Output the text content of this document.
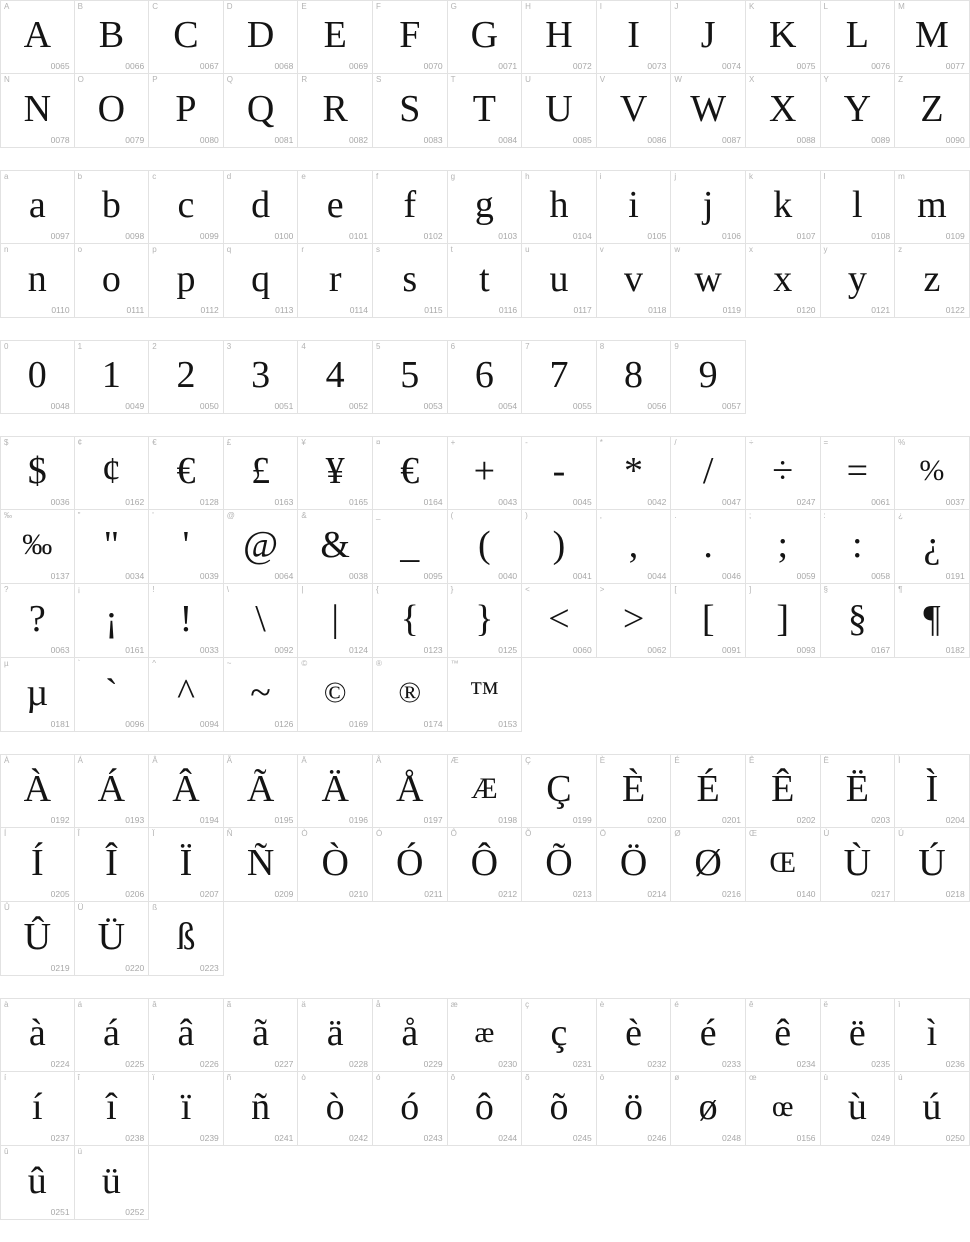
A
A
0065
B
B
0066
C
C
0067
D
D
0068
E
E
0069
F
F
0070
G
G
0071
H
H
0072
I
I
0073
J
J
0074
K
K
0075
L
L
0076
M
M
0077
N
N
0078
O
O
0079
P
P
0080
Q
Q
0081
R
R
0082
S
S
0083
T
T
0084
U
U
0085
V
V
0086
W
W
0087
X
X
0088
Y
Y
0089
Z
Z
0090
a
a
0097
b
b
0098
c
c
0099
d
d
0100
e
e
0101
f
f
0102
g
g
0103
h
h
0104
i
i
0105
j
j
0106
k
k
0107
l
l
0108
m
m
0109
n
n
0110
o
o
0111
p
p
0112
q
q
0113
r
r
0114
s
s
0115
t
t
0116
u
u
0117
v
v
0118
w
w
0119
x
x
0120
y
y
0121
z
z
0122
0
0
0048
1
1
0049
2
2
0050
3
3
0051
4
4
0052
5
5
0053
6
6
0054
7
7
0055
8
8
0056
9
9
0057
$
$
0036
¢
¢
0162
€
€
0128
£
£
0163
¥
¥
0165
¤
€
0164
+
+
0043
-
-
0045
*
*
0042
/
/
0047
÷
÷
0247
=
=
0061
%
%
0037
‰
‰
0137
"
"
0034
'
'
0039
@
@
0064
&
&
0038
_
_
0095
(
(
0040
)
)
0041
,
,
0044
.
.
0046
;
;
0059
:
:
0058
¿
¿
0191
?
?
0063
¡
¡
0161
!
!
0033
\
\
0092
|
|
0124
{
{
0123
}
}
0125
<
<
0060
>
>
0062
[
[
0091
]
]
0093
§
§
0167
¶
¶
0182
µ
µ
0181
`
`
0096
^
^
0094
~
~
0126
©
©
0169
®
®
0174
™
™
0153
À
À
0192
Á
Á
0193
Â
Â
0194
Ã
Ã
0195
Ä
Ä
0196
Å
Å
0197
Æ
Æ
0198
Ç
Ç
0199
È
È
0200
É
É
0201
Ê
Ê
0202
Ë
Ë
0203
Ì
Ì
0204
Í
Í
0205
Î
Î
0206
Ï
Ï
0207
Ñ
Ñ
0209
Ò
Ò
0210
Ó
Ó
0211
Ô
Ô
0212
Õ
Õ
0213
Ö
Ö
0214
Ø
Ø
0216
Œ
Œ
0140
Ù
Ù
0217
Ú
Ú
0218
Û
Û
0219
Ü
Ü
0220
ß
ß
0223
à
à
0224
á
á
0225
â
â
0226
ã
ã
0227
ä
ä
0228
å
å
0229
æ
æ
0230
ç
ç
0231
è
è
0232
é
é
0233
ê
ê
0234
ë
ë
0235
ì
ì
0236
í
í
0237
î
î
0238
ï
ï
0239
ñ
ñ
0241
ò
ò
0242
ó
ó
0243
ô
ô
0244
õ
õ
0245
ö
ö
0246
ø
ø
0248
œ
œ
0156
ù
ù
0249
ú
ú
0250
û
û
0251
ü
ü
0252
